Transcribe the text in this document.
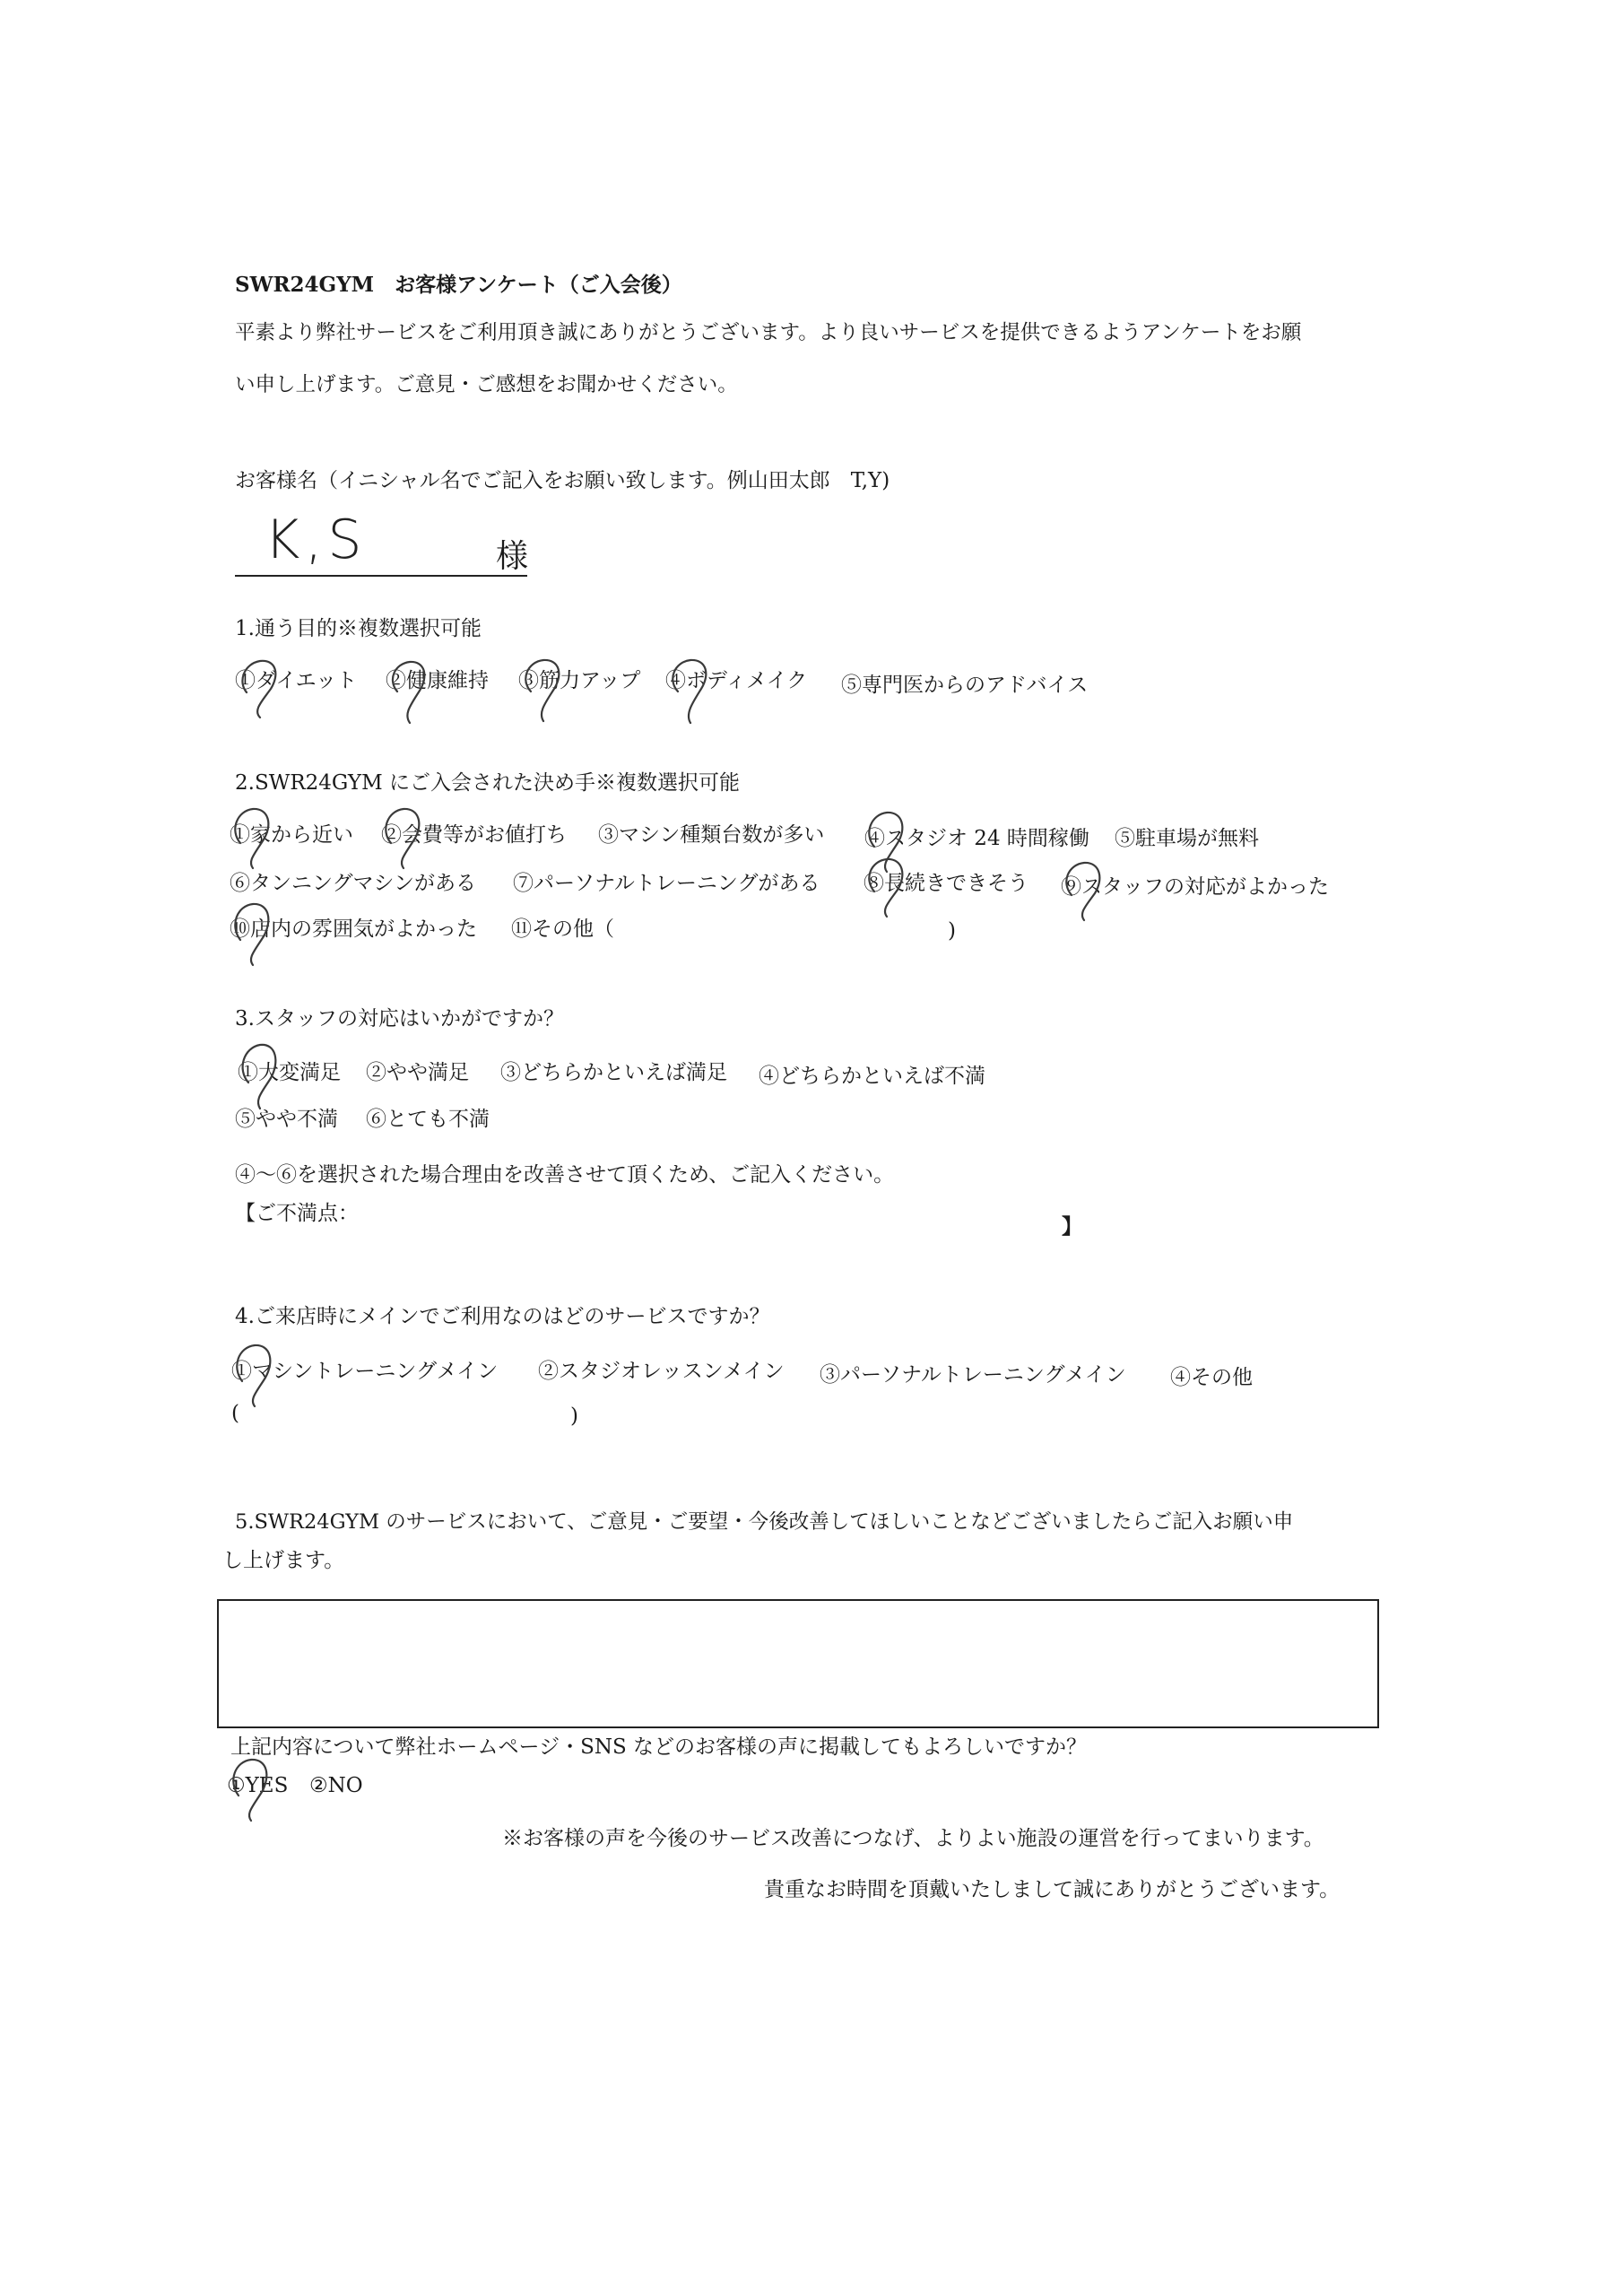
SWR24GYM　お客様アンケート（ご入会後）
平素より弊社サービスをご利用頂き誠にありがとうございます。より良いサービスを提供できるようアンケートをお願
い申し上げます。ご意見・ご感想をお聞かせください。
お客様名（イニシャル名でご記入をお願い致します。例山田太郎　T,Y)
K,S	様
1.通う目的※複数選択可能
①ダイエット ②健康維持 ③筋力アップ ④ボディメイク ⑤専門医からのアドバイス
2.SWR24GYM にご入会された決め手※複数選択可能
①家から近い ②会費等がお値打ち ③マシン種類台数が多い ④スタジオ 24 時間稼働 ⑤駐車場が無料
⑥タンニングマシンがある ⑦パーソナルトレーニングがある ⑧長続きできそう ⑨スタッフの対応がよかった
⑩店内の雰囲気がよかった ⑪その他（	)
3.スタッフの対応はいかがですか？
①大変満足 ②やや満足 ③どちらかといえば満足 ④どちらかといえば不満
⑤やや不満 ⑥とても不満
④～⑥を選択された場合理由を改善させて頂くため、ご記入ください。
【ご不満点：
】
4.ご来店時にメインでご利用なのはどのサービスですか？
①マシントレーニングメイン ②スタジオレッスンメイン ③パーソナルトレーニングメイン ④その他
(	)
5.SWR24GYM のサービスにおいて、ご意見・ご要望・今後改善してほしいことなどございましたらご記入お願い申
し上げます。
上記内容について弊社ホームページ・SNS などのお客様の声に掲載してもよろしいですか？
①YES ②NO
※お客様の声を今後のサービス改善につなげ、よりよい施設の運営を行ってまいります。
貴重なお時間を頂戴いたしまして誠にありがとうございます。
